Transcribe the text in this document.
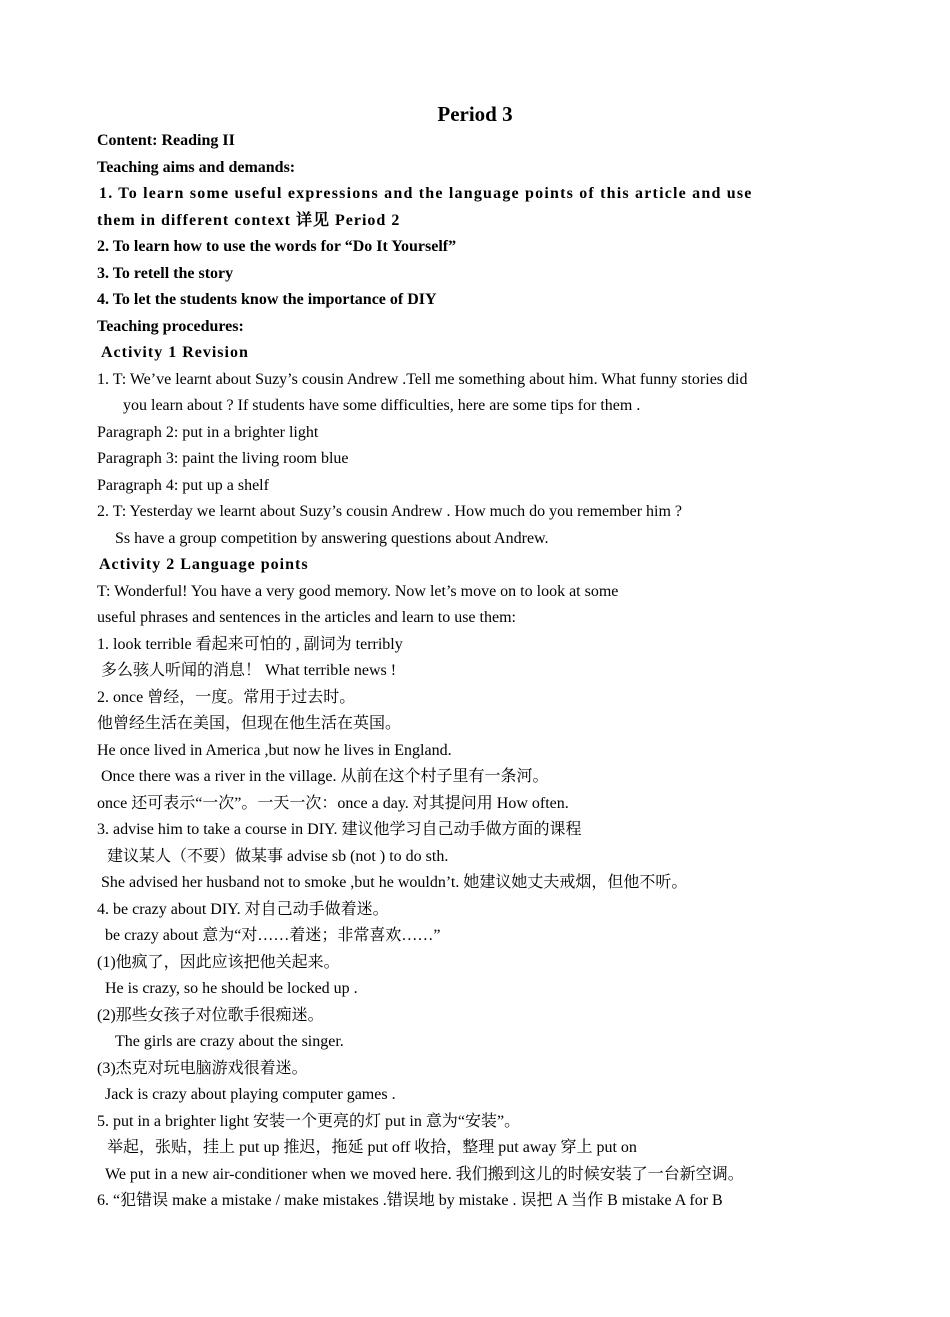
Period 3
Content: Reading II
Teaching aims and demands:
1. To learn some useful expressions and the language points of this article and use
them in different context 详见 Period 2
2. To learn how to use the words for “Do It Yourself”
3. To retell the story
4. To let the students know the importance of DIY
Teaching procedures:
Activity 1 Revision
1. T: We’ve learnt about Suzy’s cousin Andrew .Tell me something about him. What funny stories did
you learn about ? If students have some difficulties, here are some tips for them .
Paragraph 2: put in a brighter light
Paragraph 3: paint the living room blue
Paragraph 4: put up a shelf
2. T: Yesterday we learnt about Suzy’s cousin Andrew . How much do you remember him ?
Ss have a group competition by answering questions about Andrew.
Activity 2 Language points
T: Wonderful! You have a very good memory. Now let’s move on to look at some
useful phrases and sentences in the articles and learn to use them:
1. look terrible 看起来可怕的 , 副词为 terribly
多么骇人听闻的消息！ What terrible news !
2. once 曾经，一度。常用于过去时。
他曾经生活在美国，但现在他生活在英国。
He once lived in America ,but now he lives in England.
Once there was a river in the village. 从前在这个村子里有一条河。
once 还可表示“一次”。一天一次：once a day. 对其提问用 How often.
3. advise him to take a course in DIY. 建议他学习自己动手做方面的课程
建议某人（不要）做某事 advise sb (not ) to do sth.
She advised her husband not to smoke ,but he wouldn’t. 她建议她丈夫戒烟，但他不听。
4. be crazy about DIY. 对自己动手做着迷。
be crazy about 意为“对……着迷；非常喜欢……”
(1)他疯了，因此应该把他关起来。
He is crazy, so he should be locked up .
(2)那些女孩子对位歌手很痴迷。
The girls are crazy about the singer.
(3)杰克对玩电脑游戏很着迷。
Jack is crazy about playing computer games .
5. put in a brighter light 安装一个更亮的灯 put in 意为“安装”。
举起，张贴，挂上 put up 推迟，拖延 put off 收拾，整理 put away 穿上 put on
We put in a new air-conditioner when we moved here. 我们搬到这儿的时候安装了一台新空调。
6. “犯错误 make a mistake / make mistakes .错误地 by mistake . 误把 A 当作 B mistake A for B
